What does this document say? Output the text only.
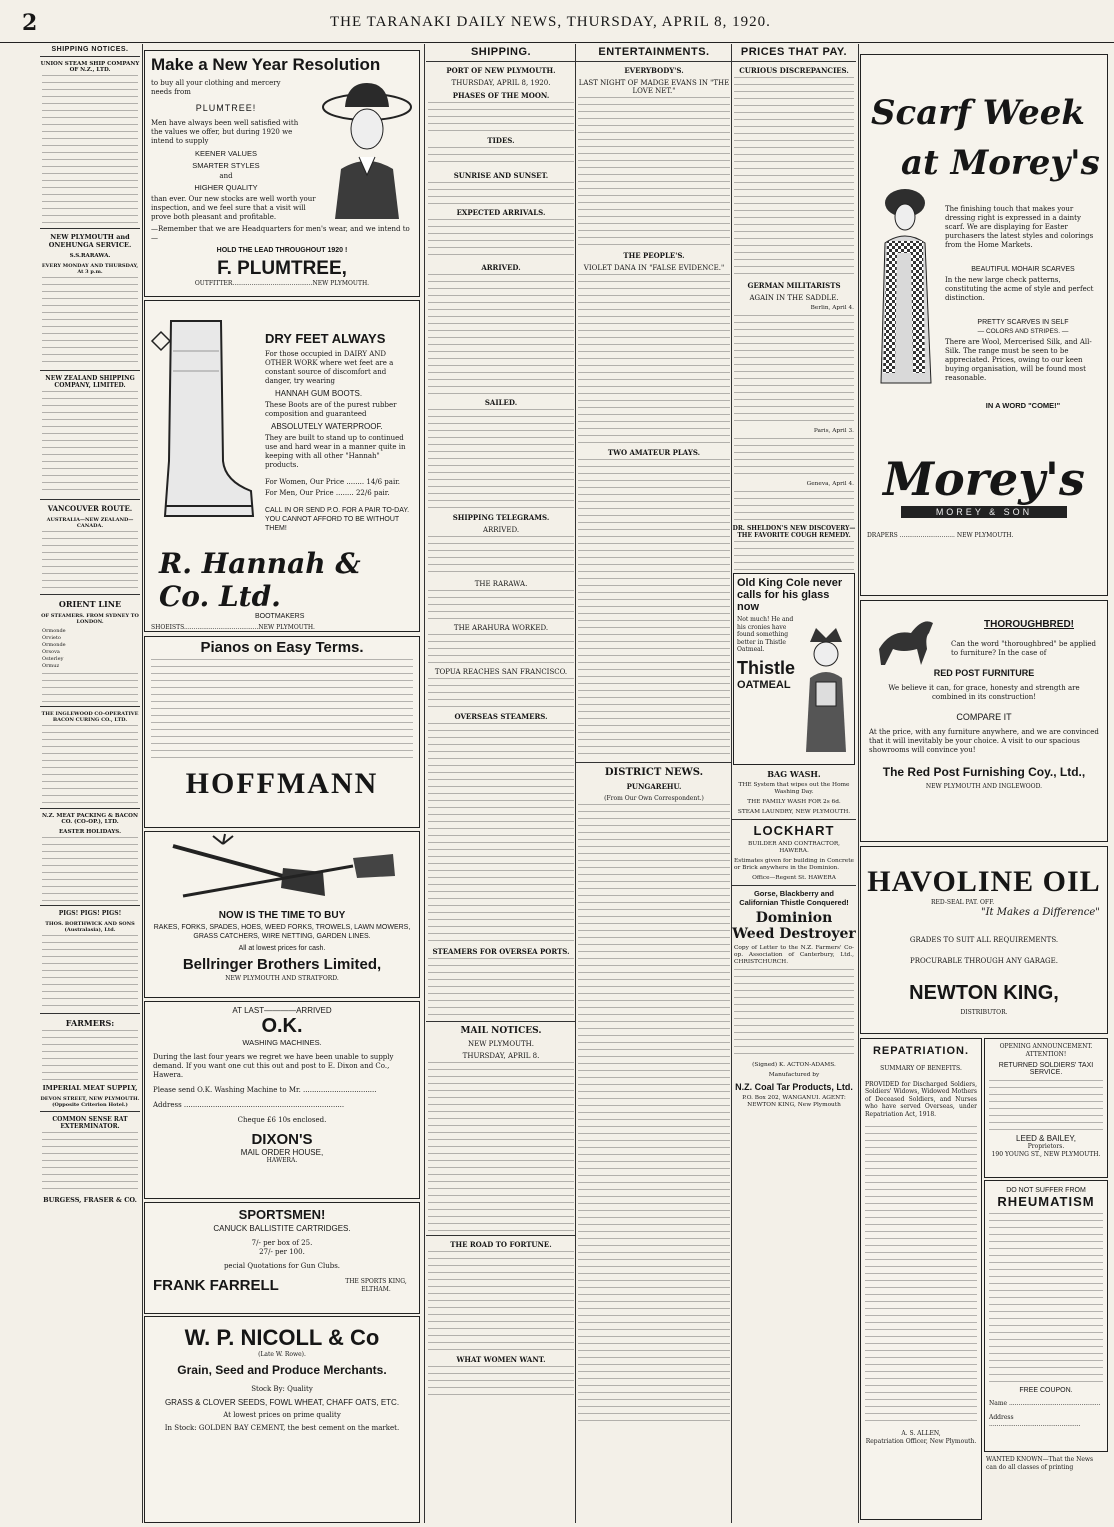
2	THE TARANAKI DAILY NEWS, THURSDAY, APRIL 8, 1920.
SHIPPING NOTICES.
UNION STEAM SHIP COMPANY OF N.Z., LTD.
NEW PLYMOUTH and ONEHUNGA SERVICE.
S.S.RARAWA.
EVERY MONDAY AND THURSDAY, At 3 p.m.
NEW ZEALAND SHIPPING COMPANY, LIMITED.
VANCOUVER ROUTE.
AUSTRALIA—NEW ZEALAND—CANADA.
ORIENT LINE
OF STEAMERS. FROM SYDNEY TO LONDON.
Ormonde
Orvieto
Ormonde
Orsova
Osterley
Ormuz
THE INGLEWOOD CO-OPERATIVE BACON CURING CO., LTD.
N.Z. MEAT PACKING & BACON CO. (CO-OP.), LTD.
EASTER HOLIDAYS.
PIGS! PIGS! PIGS!
THOS. BORTHWICK AND SONS (Australasia), Ltd.
FARMERS:
IMPERIAL MEAT SUPPLY,
DEVON STREET, NEW PLYMOUTH. (Opposite Criterion Hotel.)
COMMON SENSE RAT EXTERMINATOR.
BURGESS, FRASER & CO.
Make a New Year Resolution
to buy all your clothing and mercery needs from
PLUMTREE!
Men have always been well satisfied with the values we offer, but during 1920 we intend to supply
KEENER VALUES
SMARTER STYLES
and
HIGHER QUALITY
than ever. Our new stocks are well worth your inspection, and we feel sure that a visit will prove both pleasant and profitable.
—Remember that we are Headquarters for men's wear, and we intend to—
HOLD THE LEAD THROUGHOUT 1920 !
F. PLUMTREE,
OUTFITTER..........................................NEW PLYMOUTH.
DRY FEET ALWAYS
For those occupied in DAIRY AND OTHER WORK where wet feet are a constant source of discomfort and danger, try wearing
HANNAH GUM BOOTS.
These Boots are of the purest rubber composition and guaranteed
ABSOLUTELY WATERPROOF.
They are built to stand up to continued use and hard wear in a manner quite in keeping with all other "Hannah" products.
For Women, Our Price ........ 14/6 pair.
For Men, Our Price ........ 22/6 pair.
CALL IN OR SEND P.O. FOR A PAIR TO-DAY. YOU CANNOT AFFORD TO BE WITHOUT THEM!
R. Hannah & Co. Ltd.
BOOTMAKERS
SHOEISTS.......................................NEW PLYMOUTH.
Pianos on Easy Terms.
HOFFMANN
NOW IS THE TIME TO BUY
RAKES, FORKS, SPADES, HOES, WEED FORKS, TROWELS, LAWN MOWERS, GRASS CATCHERS, WIRE NETTING, GARDEN LINES.
All at lowest prices for cash.
Bellringer Brothers Limited,
NEW PLYMOUTH AND STRATFORD.
AT LAST————ARRIVED
O.K.
WASHING MACHINES.
During the last four years we regret we have been unable to supply demand. If you want one cut this out and post to E. Dixon and Co., Hawera.
Please send O.K. Washing Machine to Mr. .................................
Address ........................................................................
Cheque £6 10s enclosed.
DIXON'S
MAIL ORDER HOUSE,
HAWERA.
SPORTSMEN!
CANUCK BALLISTITE CARTRIDGES.
7/- per box of 25.
27/- per 100.
pecial Quotations for Gun Clubs.
FRANK FARRELL	THE SPORTS KING, ELTHAM.
W. P. NICOLL & Co
(Late W. Rowe).
Grain, Seed and Produce Merchants.
Stock By: Quality
GRASS & CLOVER SEEDS, FOWL WHEAT, CHAFF OATS, ETC.
At lowest prices on prime quality
In Stock: GOLDEN BAY CEMENT, the best cement on the market.
SHIPPING.
PORT OF NEW PLYMOUTH.
THURSDAY, APRIL 8, 1920.
PHASES OF THE MOON.
TIDES.
SUNRISE AND SUNSET.
EXPECTED ARRIVALS.
ARRIVED.
SAILED.
SHIPPING TELEGRAMS.
ARRIVED.
THE RARAWA.
THE ARAHURA WORKED.
TOPUA REACHES SAN FRANCISCO.
OVERSEAS STEAMERS.
STEAMERS FOR OVERSEA PORTS.
MAIL NOTICES.
NEW PLYMOUTH.
THURSDAY, APRIL 8.
THE ROAD TO FORTUNE.
WHAT WOMEN WANT.
ENTERTAINMENTS.
EVERYBODY'S.
LAST NIGHT OF MADGE EVANS IN "THE LOVE NET."
THE PEOPLE'S.
VIOLET DANA IN "FALSE EVIDENCE."
TWO AMATEUR PLAYS.
DISTRICT NEWS.
PUNGAREHU.
(From Our Own Correspondent.)
PRICES THAT PAY.
CURIOUS DISCREPANCIES.
GERMAN MILITARISTS
AGAIN IN THE SADDLE.
Berlin, April 4.
Paris, April 3.
Geneva, April 4.
DR. SHELDON'S NEW DISCOVERY—THE FAVORITE COUGH REMEDY.
Old King Cole never calls for his glass now
Not much! He and his cronies have found something better in Thistle Oatmeal.
Thistle
OATMEAL
BAG WASH.
THE System that wipes out the Home Washing Day.
THE FAMILY WASH FOR 2s 6d.
STEAM LAUNDRY, NEW PLYMOUTH.
LOCKHART
BUILDER AND CONTRACTOR, HAWERA.
Estimates given for building in Concrete or Brick anywhere in the Dominion.
Office—Regent St. HAWERA
Gorse, Blackberry and Californian Thistle Conquered!
Dominion
Weed Destroyer
Copy of Letter to the N.Z. Farmers' Co-op. Association of Canterbury, Ltd., CHRISTCHURCH.
(Signed) K. ACTON-ADAMS.
Manufactured by
N.Z. Coal Tar Products, Ltd.
P.O. Box 202, WANGANUI. AGENT: NEWTON KING, New Plymouth
Scarf Week
at Morey's
The finishing touch that makes your dressing right is expressed in a dainty scarf. We are displaying for Easter purchasers the latest styles and colorings from the Home Markets.
BEAUTIFUL MOHAIR SCARVES
In the new large check patterns, constituting the acme of style and perfect distinction.
PRETTY SCARVES IN SELF
— COLORS AND STRIPES. —
There are Wool, Mercerised Silk, and All-Silk. The range must be seen to be appreciated. Prices, owing to our keen buying organisation, will be found most reasonable.
IN A WORD "COME!"
Morey's
MOREY & SON
DRAPERS ............................. NEW PLYMOUTH.
THOROUGHBRED!
Can the word "thoroughbred" be applied to furniture? In the case of
RED POST FURNITURE
We believe it can, for grace, honesty and strength are combined in its construction!
COMPARE IT
At the price, with any furniture anywhere, and we are convinced that it will inevitably be your choice. A visit to our spacious showrooms will convince you!
The Red Post Furnishing Coy., Ltd.,
NEW PLYMOUTH AND INGLEWOOD.
HAVOLINE OIL
RED-SEAL PAT. OFF.
"It Makes a Difference"
GRADES TO SUIT ALL REQUIREMENTS.
PROCURABLE THROUGH ANY GARAGE.
NEWTON KING,
DISTRIBUTOR.
REPATRIATION.
SUMMARY OF BENEFITS.
PROVIDED for Discharged Soldiers, Soldiers' Widows, Widowed Mothers of Deceased Soldiers, and Nurses who have served Overseas, under Repatriation Act, 1918.
A. S. ALLEN,
Repatriation Officer, New Plymouth.
OPENING ANNOUNCEMENT. ATTENTION!
RETURNED SOLDIERS' TAXI SERVICE.
LEED & BAILEY,
Proprietors.
190 YOUNG ST., NEW PLYMOUTH.
DO NOT SUFFER FROM
RHEUMATISM
FREE COUPON.
Name ................................................
Address ................................................
WANTED KNOWN—That the News can do all classes of printing
